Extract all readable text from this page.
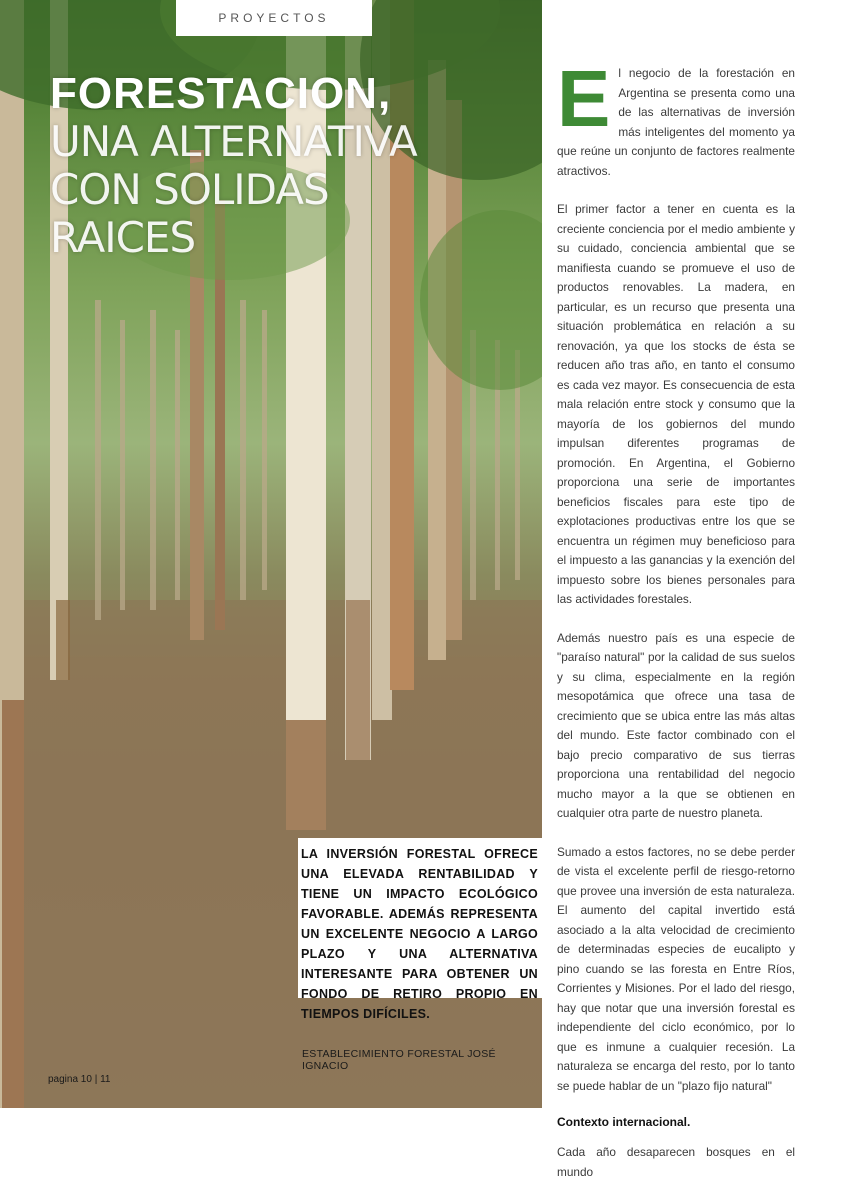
PROYECTOS
FORESTACION,
UNA ALTERNATIVA
CON SOLIDAS
RAICES

LA INVERSIÓN FORESTAL OFRECE UNA ELEVADA RENTABILIDAD Y TIENE UN IMPACTO ECOLÓGICO FAVORABLE. ADEMÁS REPRESENTA UN EXCELENTE NEGOCIO A LARGO PLAZO Y UNA ALTERNATIVA INTERESANTE PARA OBTENER UN FONDO DE RETIRO PROPIO EN TIEMPOS DIFÍCILES.

ESTABLECIMIENTO FORESTAL JOSÉ IGNACIO
pagina 10 | 11

El negocio de la forestación en Argentina se presenta como una de las alternativas de inversión más inteligentes del momento ya que reúne un conjunto de factores realmente atractivos.

El primer factor a tener en cuenta es la creciente conciencia por el medio ambiente y su cuidado, conciencia ambiental que se manifiesta cuando se promueve el uso de productos renovables. La madera, en particular, es un recurso que presenta una situación problemática en relación a su renovación, ya que los stocks de ésta se reducen año tras año, en tanto el consumo es cada vez mayor. Es consecuencia de esta mala relación entre stock y consumo que la mayoría de los gobiernos del mundo impulsan diferentes programas de promoción. En Argentina, el Gobierno proporciona una serie de importantes beneficios fiscales para este tipo de explotaciones productivas entre los que se encuentra un régimen muy beneficioso para el impuesto a las ganancias y la exención del impuesto sobre los bienes personales para las actividades forestales.

Además nuestro país es una especie de "paraíso natural" por la calidad de sus suelos y su clima, especialmente en la región mesopotámica que ofrece una tasa de crecimiento que se ubica entre las más altas del mundo. Este factor combinado con el bajo precio comparativo de sus tierras proporciona una rentabilidad del negocio mucho mayor a la que se obtienen en cualquier otra parte de nuestro planeta.

Sumado a estos factores, no se debe perder de vista el excelente perfil de riesgo-retorno que provee una inversión de esta naturaleza. El aumento del capital invertido está asociado a la alta velocidad de crecimiento de determinadas especies de eucalipto y pino cuando se las foresta en Entre Ríos, Corrientes y Misiones. Por el lado del riesgo, hay que notar que una inversión forestal es independiente del ciclo económico, por lo que es inmune a cualquier recesión. La naturaleza se encarga del resto, por lo tanto se puede hablar de un "plazo fijo natural"

Contexto internacional.

Cada año desaparecen bosques en el mundo
